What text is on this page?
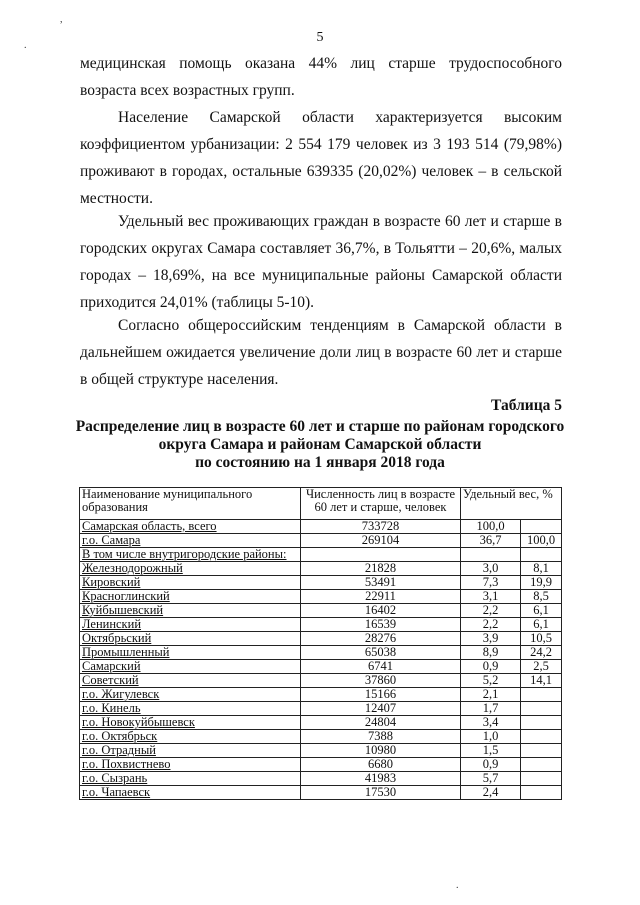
,
.
.
5

медицинская помощь оказана 44% лиц старше трудоспособного возраста всех возрастных групп.

Население Самарской области характеризуется высоким коэффициентом урбанизации: 2 554 179 человек из 3 193 514 (79,98%) проживают в городах, остальные 639335 (20,02%) человек – в сельской местности.

Удельный вес проживающих граждан в возрасте 60 лет и старше в городских округах Самара составляет 36,7%, в Тольятти – 20,6%, малых городах – 18,69%, на все муниципальные районы Самарской области приходится 24,01% (таблицы 5-10).

Согласно общероссийским тенденциям в Самарской области в дальнейшем ожидается увеличение доли лиц в возрасте 60 лет и старше в общей структуре населения.

Таблица 5
Распределение лиц в возрасте 60 лет и старше по районам городского
округа Самара и районам Самарской области
по состоянию на 1 января 2018 года
Наименование муниципального образования	Численность лиц в возрасте 60 лет и старше, человек	Удельный вес, %	
Самарская область, всего	733728	100,0	
г.о. Самара	269104	36,7	100,0
В том числе внутригородские районы:			
Железнодорожный	21828	3,0	8,1
Кировский	53491	7,3	19,9
Красноглинский	22911	3,1	8,5
Куйбышевский	16402	2,2	6,1
Ленинский	16539	2,2	6,1
Октябрьский	28276	3,9	10,5
Промышленный	65038	8,9	24,2
Самарский	6741	0,9	2,5
Советский	37860	5,2	14,1
г.о. Жигулевск	15166	2,1	
г.о. Кинель	12407	1,7	
г.о. Новокуйбышевск	24804	3,4	
г.о. Октябрьск	7388	1,0	
г.о. Отрадный	10980	1,5	
г.о. Похвистнево	6680	0,9	
г.о. Сызрань	41983	5,7	
г.о. Чапаевск	17530	2,4	
